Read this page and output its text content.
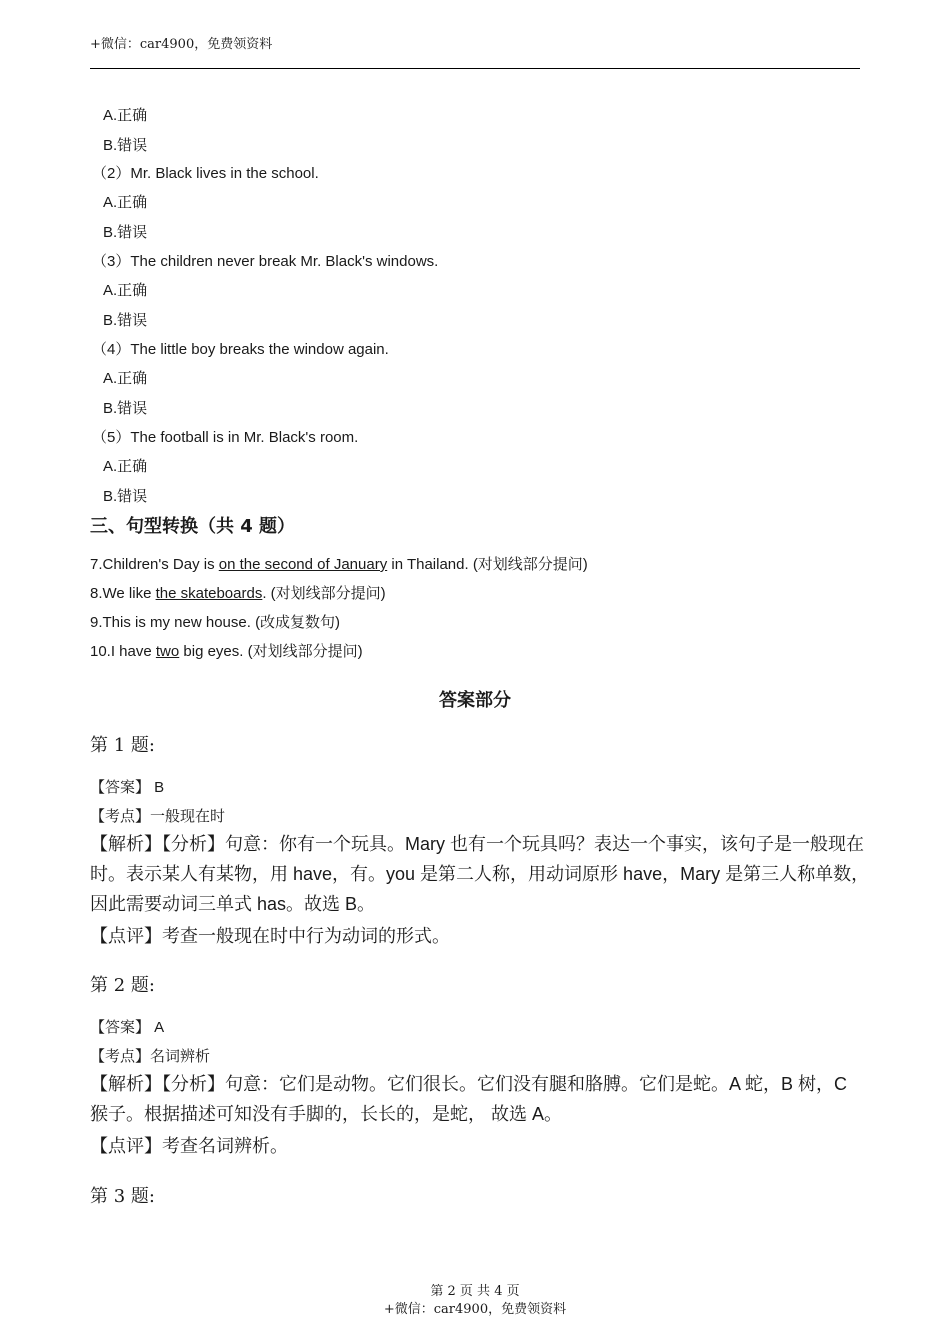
+微信：car4900，免费领资料
A.正确
B.错误
（2）Mr. Black lives in the school.
A.正确
B.错误
（3）The children never break Mr. Black's windows.
A.正确
B.错误
（4）The little boy breaks the window again.
A.正确
B.错误
（5）The football is in Mr. Black's room.
A.正确
B.错误
三、句型转换（共 4 题）
7.Children's Day is on the second of January in Thailand. (对划线部分提问)
8.We like the skateboards. (对划线部分提问)
9.This is my new house. (改成复数句)
10.I have two big eyes. (对划线部分提问)
答案部分
第 1 题:
【答案】 B
【考点】一般现在时
【解析】【分析】句意：你有一个玩具。Mary 也有一个玩具吗？表达一个事实，该句子是一般现在时。表示某人有某物，用 have，有。you 是第二人称，用动词原形 have，Mary 是第三人称单数，因此需要动词三单式 has。故选 B。
【点评】考查一般现在时中行为动词的形式。
第 2 题:
【答案】 A
【考点】名词辨析
【解析】【分析】句意：它们是动物。它们很长。它们没有腿和胳膊。它们是蛇。A 蛇，B 树，C 猴子。根据描述可知没有手脚的，长长的，是蛇， 故选 A。
【点评】考查名词辨析。
第 3 题:
第 2 页 共 4 页
+微信：car4900，免费领资料
